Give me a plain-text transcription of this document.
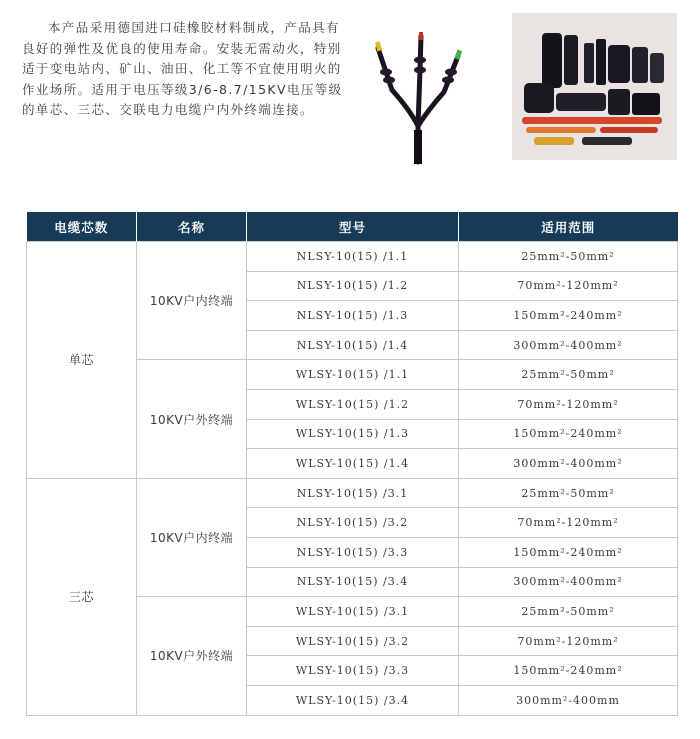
本产品采用德国进口硅橡胶材料制成，产品具有良好的弹性及优良的使用寿命。安装无需动火，特别适于变电站内、矿山、油田、化工等不宜使用明火的作业场所。适用于电压等级3/6-8.7/15KV电压等级的单芯、三芯、交联电力电缆户内外终端连接。

电缆芯数	名称	型号	适用范围
单芯	10KV户内终端	NLSY-10(15) /1.1	25mm²-50mm²
		NLSY-10(15) /1.2	70mm²-120mm²
		NLSY-10(15) /1.3	150mm²-240mm²
		NLSY-10(15) /1.4	300mm²-400mm²
	10KV户外终端	WLSY-10(15) /1.1	25mm²-50mm²
		WLSY-10(15) /1.2	70mm²-120mm²
		WLSY-10(15) /1.3	150mm²-240mm²
		WLSY-10(15) /1.4	300mm²-400mm²
三芯	10KV户内终端	NLSY-10(15) /3.1	25mm²-50mm²
		NLSY-10(15) /3.2	70mm²-120mm²
		NLSY-10(15) /3.3	150mm²-240mm²
		NLSY-10(15) /3.4	300mm²-400mm²
	10KV户外终端	WLSY-10(15) /3.1	25mm²-50mm²
		WLSY-10(15) /3.2	70mm²-120mm²
		WLSY-10(15) /3.3	150mm²-240mm²
		WLSY-10(15) /3.4	300mm²-400mm
